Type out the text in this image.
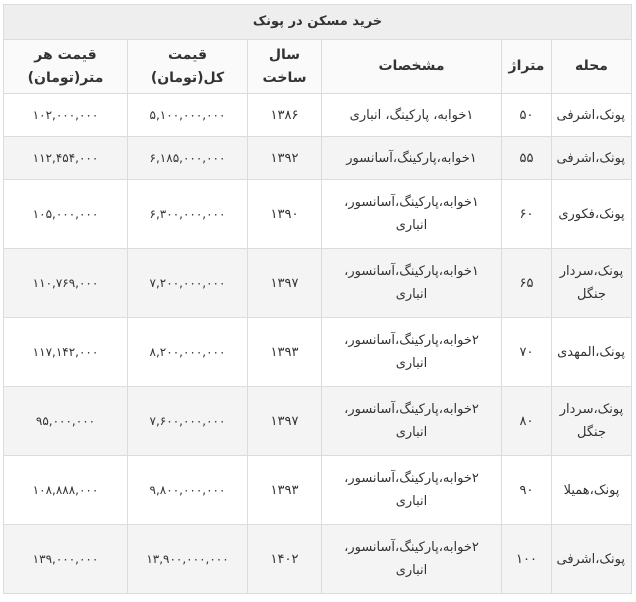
خرید مسکن در پونک
محله	متراژ	مشخصات	سال ساخت	قیمت کل(تومان)	قیمت هر متر(تومان)
پونک،اشرفی	۵۰	۱خوابه، پارکینگ، انباری	۱۳۸۶	۵,۱۰۰,۰۰۰,۰۰۰	۱۰۲,۰۰۰,۰۰۰
پونک،اشرفی	۵۵	۱خوابه،پارکینگ،آسانسور	۱۳۹۲	۶,۱۸۵,۰۰۰,۰۰۰	۱۱۲,۴۵۴,۰۰۰
پونک،فکوری	۶۰	۱خوابه،پارکینگ،آسانسور، انباری	۱۳۹۰	۶,۳۰۰,۰۰۰,۰۰۰	۱۰۵,۰۰۰,۰۰۰
پونک،سردار جنگل	۶۵	۱خوابه،پارکینگ،آسانسور، انباری	۱۳۹۷	۷,۲۰۰,۰۰۰,۰۰۰	۱۱۰,۷۶۹,۰۰۰
پونک،المهدی	۷۰	۲خوابه،پارکینگ،آسانسور، انباری	۱۳۹۳	۸,۲۰۰,۰۰۰,۰۰۰	۱۱۷,۱۴۲,۰۰۰
پونک،سردار جنگل	۸۰	۲خوابه،پارکینگ،آسانسور، انباری	۱۳۹۷	۷,۶۰۰,۰۰۰,۰۰۰	۹۵,۰۰۰,۰۰۰
پونک،همیلا	۹۰	۲خوابه،پارکینگ،آسانسور، انباری	۱۳۹۳	۹,۸۰۰,۰۰۰,۰۰۰	۱۰۸,۸۸۸,۰۰۰
پونک،اشرفی	۱۰۰	۲خوابه،پارکینگ،آسانسور، انباری	۱۴۰۲	۱۳,۹۰۰,۰۰۰,۰۰۰	۱۳۹,۰۰۰,۰۰۰
